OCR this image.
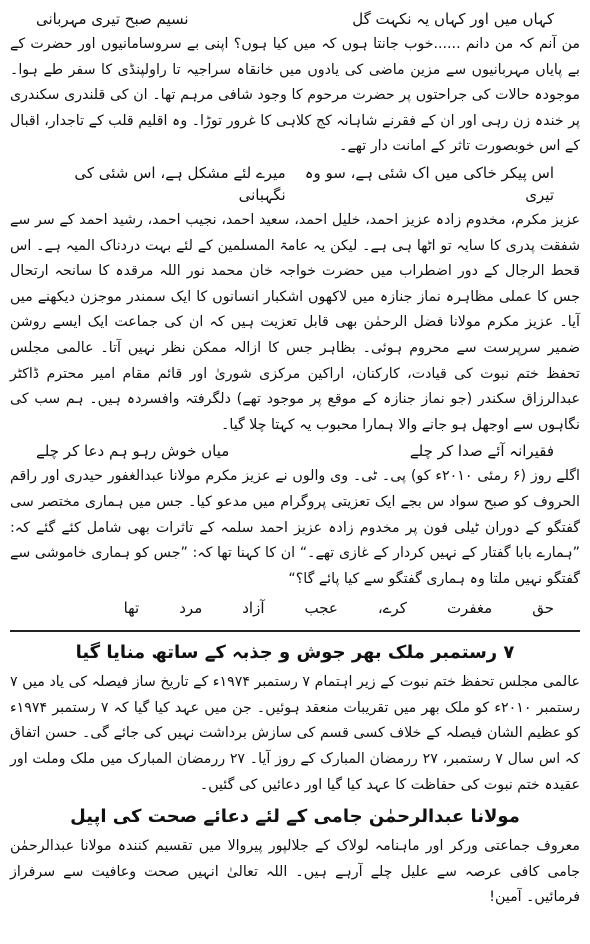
کہاں میں اور کہاں یہ نکہت گل
نسیم صبح تیری مہربانی

من آنم کہ من دانم ......خوب جانتا ہوں کہ میں کیا ہوں؟ اپنی بے سروسامانیوں اور حضرت کے بے پایاں مہربانیوں سے مزین ماضی کی یادوں میں خانقاہ سراجیہ تا راولپنڈی کا سفر طے ہوا۔ موجودہ حالات کی جراحتوں پر حضرت مرحوم کا وجود شافی مرہم تھا۔ ان کی قلندری سکندری پر خندہ زن رہی اور ان کے فقرنے شاہانہ کج کلاہی کا غرور توڑا۔ وہ اقلیم قلب کے تاجدار، اقبال کے اس خوبصورت تاثر کے امانت دار تھے۔

اس پیکر خاکی میں اک شئی ہے، سو وہ تیری
میرے لئے مشکل ہے، اس شئی کی نگہبانی

عزیز مکرم، مخدوم زادہ عزیز احمد، خلیل احمد، سعید احمد، نجیب احمد، رشید احمد کے سر سے شفقت پدری کا سایہ تو اٹھا ہی ہے۔ لیکن یہ عامۃ المسلمین کے لئے بہت دردناک المیہ ہے۔ اس قحط الرجال کے دور اضطراب میں حضرت خواجہ خان محمد نور اللہ مرقدہ کا سانحہ ارتحال جس کا عملی مظاہرہ نماز جنازہ میں لاکھوں اشکبار انسانوں کا ایک سمندر موجزن دیکھنے میں آیا۔ عزیز مکرم مولانا فضل الرحمٰن بھی قابل تعزیت ہیں کہ ان کی جماعت ایک ایسے روشن ضمیر سرپرست سے محروم ہوئی۔ بظاہر جس کا ازالہ ممکن نظر نہیں آتا۔ عالمی مجلس تحفظ ختم نبوت کی قیادت، کارکنان، اراکین مرکزی شوریٰ اور قائم مقام امیر محترم ڈاکٹر عبدالرزاق سکندر (جو نماز جنازہ کے موقع پر موجود تھے) دلگرفتہ وافسردہ ہیں۔ ہم سب کی نگاہوں سے اوجھل ہو جانے والا ہمارا محبوب یہ کہتا چلا گیا۔

فقیرانہ آئے صدا کر چلے
میاں خوش رہو ہم دعا کر چلے

اگلے روز (۶ رمئی ۲۰۱۰ء کو) پی۔ ٹی۔ وی والوں نے عزیز مکرم مولانا عبدالغفور حیدری اور راقم الحروف کو صبح سواد س بجے ایک تعزیتی پروگرام میں مدعو کیا۔ جس میں ہماری مختصر سی گفتگو کے دوران ٹیلی فون پر مخدوم زادہ عزیز احمد سلمہ کے تاثرات بھی شامل کئے گئے کہ: ”ہمارے بابا گفتار کے نہیں کردار کے غازی تھے۔“ ان کا کہنا تھا کہ: ”جس کو ہماری خاموشی سے گفتگو نہیں ملتا وہ ہماری گفتگو سے کیا پائے گا؟“

حق
مغفرت
کرے،
عجب
آزاد
مرد
تھا
۷ رستمبر ملک بھر جوش و جذبہ کے ساتھ منایا گیا

عالمی مجلس تحفظ ختم نبوت کے زیر اہتمام ۷ رستمبر ۱۹۷۴ء کے تاریخ ساز فیصلہ کی یاد میں ۷ رستمبر ۲۰۱۰ء کو ملک بھر میں تقریبات منعقد ہوئیں۔ جن میں عہد کیا گیا کہ ۷ رستمبر ۱۹۷۴ء کو عظیم الشان فیصلہ کے خلاف کسی قسم کی سازش برداشت نہیں کی جائے گی۔ حسن اتفاق کہ اس سال ۷ رستمبر، ۲۷ ررمضان المبارک کے روز آیا۔ ۲۷ ررمضان المبارک میں ملک وملت اور عقیدہ ختم نبوت کی حفاظت کا عہد کیا گیا اور دعائیں کی گئیں۔

مولانا عبدالرحمٰن جامی کے لئے دعائے صحت کی اپیل

معروف جماعتی ورکر اور ماہنامہ لولاک کے جلالپور پیروالا میں تقسیم کنندہ مولانا عبدالرحمٰن جامی کافی عرصہ سے علیل چلے آرہے ہیں۔ اللہ تعالیٰ انہیں صحت وعافیت سے سرفراز فرمائیں۔ آمین!
